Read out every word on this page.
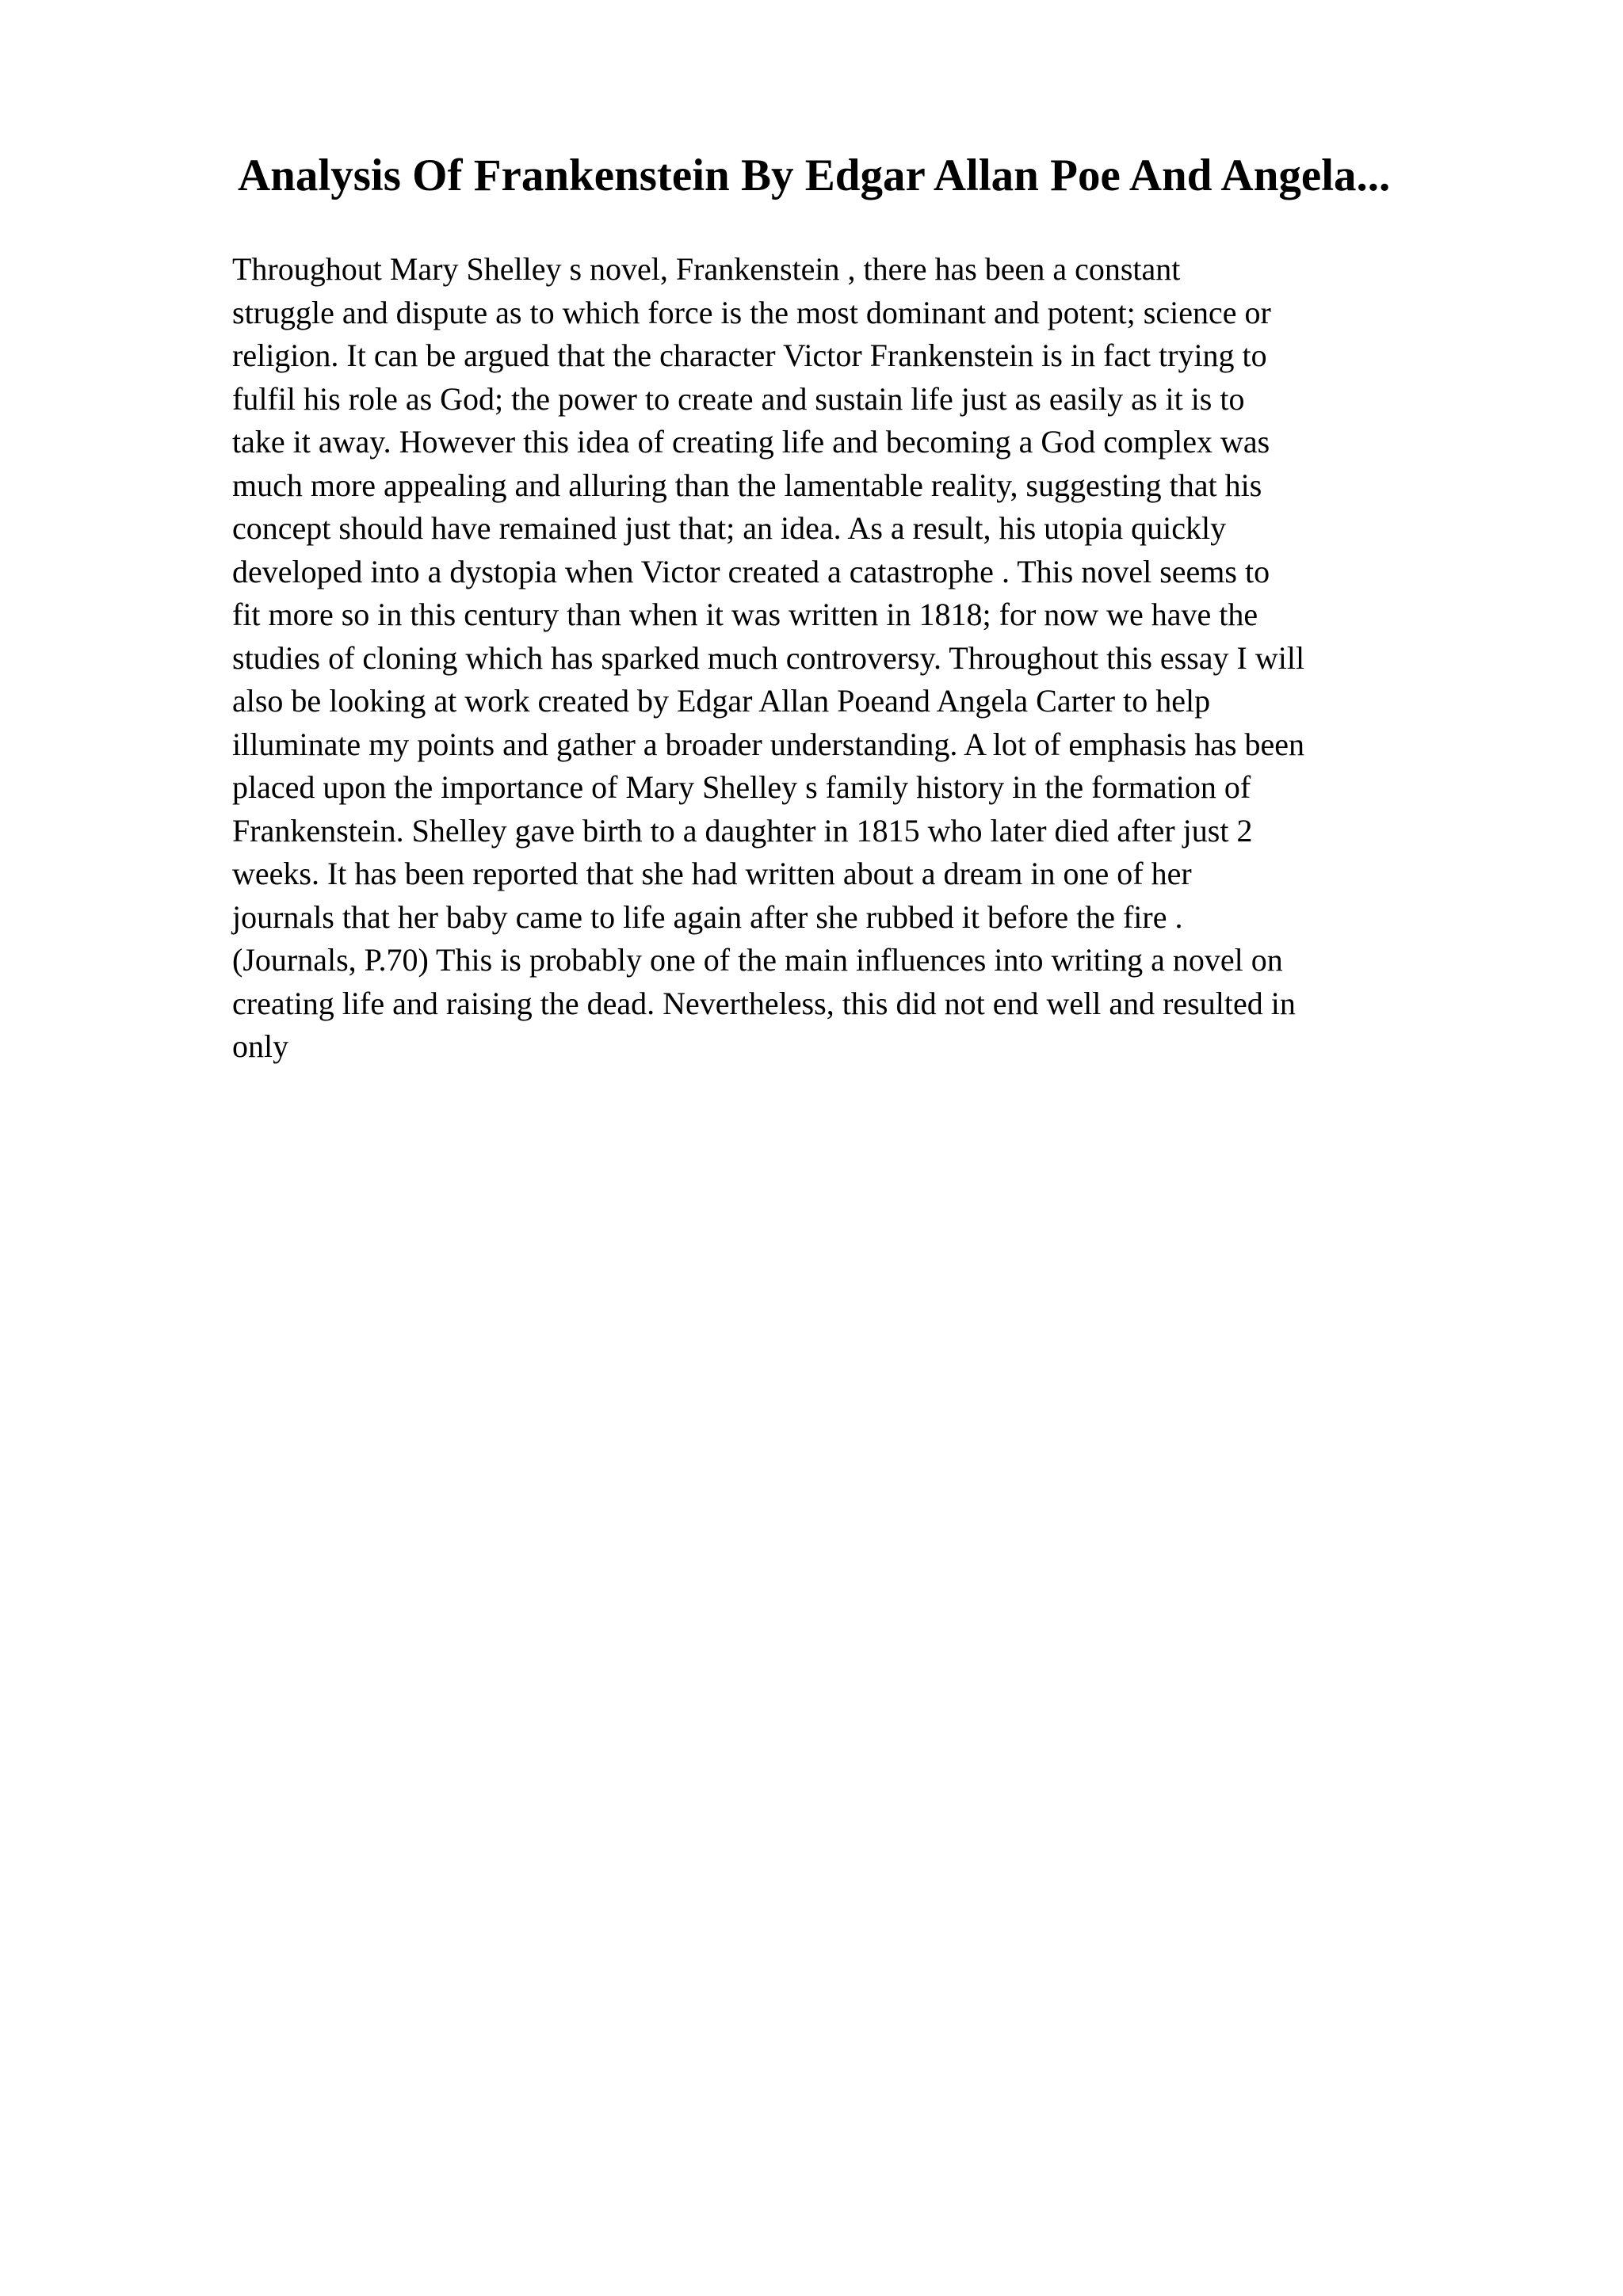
Analysis Of Frankenstein By Edgar Allan Poe And Angela...
Throughout Mary Shelley s novel, Frankenstein , there has been a constant
struggle and dispute as to which force is the most dominant and potent; science or
religion. It can be argued that the character Victor Frankenstein is in fact trying to
fulfil his role as God; the power to create and sustain life just as easily as it is to
take it away. However this idea of creating life and becoming a God complex was
much more appealing and alluring than the lamentable reality, suggesting that his
concept should have remained just that; an idea. As a result, his utopia quickly
developed into a dystopia when Victor created a catastrophe . This novel seems to
fit more so in this century than when it was written in 1818; for now we have the
studies of cloning which has sparked much controversy. Throughout this essay I will
also be looking at work created by Edgar Allan Poeand Angela Carter to help
illuminate my points and gather a broader understanding. A lot of emphasis has been
placed upon the importance of Mary Shelley s family history in the formation of
Frankenstein. Shelley gave birth to a daughter in 1815 who later died after just 2
weeks. It has been reported that she had written about a dream in one of her
journals that her baby came to life again after she rubbed it before the fire .
(Journals, P.70) This is probably one of the main influences into writing a novel on
creating life and raising the dead. Nevertheless, this did not end well and resulted in
only
